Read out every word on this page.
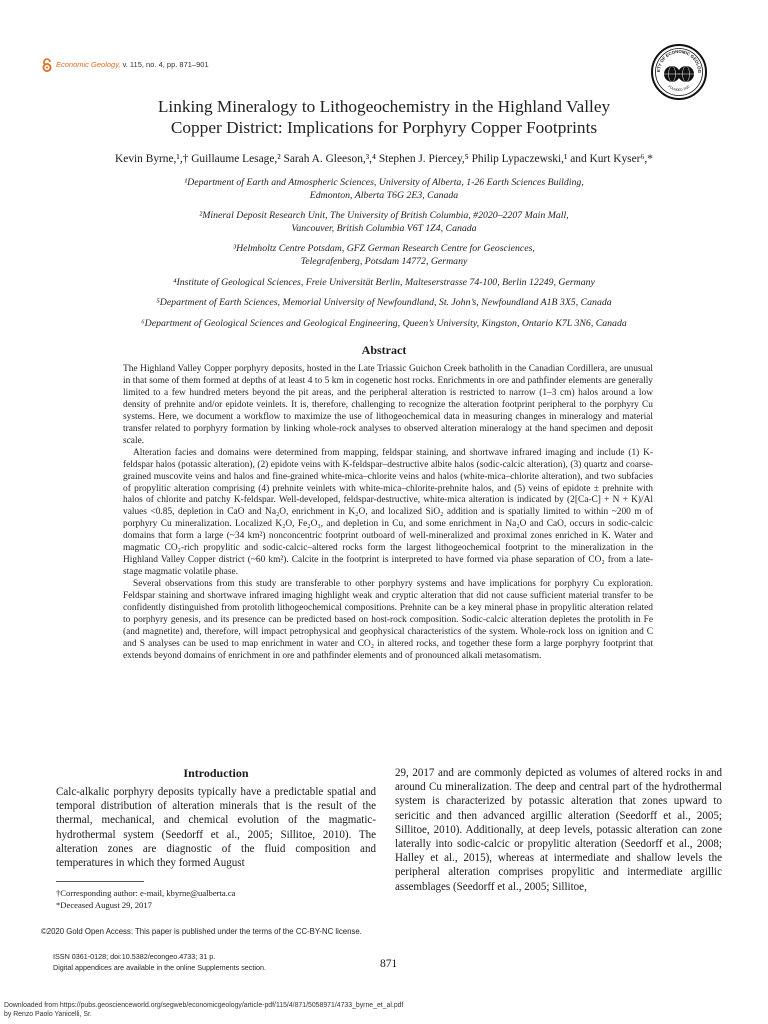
Economic Geology, v. 115, no. 4, pp. 871–901
ETY OF ECONOMIC GEOLOG
FOUNDED 1920
Linking Mineralogy to Lithogeochemistry in the Highland Valley
Copper District: Implications for Porphyry Copper Footprints
Kevin Byrne,¹,† Guillaume Lesage,² Sarah A. Gleeson,³,⁴ Stephen J. Piercey,⁵ Philip Lypaczewski,¹ and Kurt Kyser⁶,*
¹Department of Earth and Atmospheric Sciences, University of Alberta, 1-26 Earth Sciences Building,
Edmonton, Alberta T6G 2E3, Canada
²Mineral Deposit Research Unit, The University of British Columbia, #2020–2207 Main Mall,
Vancouver, British Columbia V6T 1Z4, Canada
³Helmholtz Centre Potsdam, GFZ German Research Centre for Geosciences,
Telegrafenberg, Potsdam 14772, Germany
⁴Institute of Geological Sciences, Freie Universität Berlin, Malteserstrasse 74-100, Berlin 12249, Germany
⁵Department of Earth Sciences, Memorial University of Newfoundland, St. John’s, Newfoundland A1B 3X5, Canada
⁶Department of Geological Sciences and Geological Engineering, Queen’s University, Kingston, Ontario K7L 3N6, Canada
Abstract

The Highland Valley Copper porphyry deposits, hosted in the Late Triassic Guichon Creek batholith in the Canadian Cordillera, are unusual in that some of them formed at depths of at least 4 to 5 km in cogenetic host rocks. Enrichments in ore and pathfinder elements are generally limited to a few hundred meters beyond the pit areas, and the peripheral alteration is restricted to narrow (1–3 cm) halos around a low density of prehnite and/or epidote veinlets. It is, therefore, challenging to recognize the alteration footprint peripheral to the porphyry Cu systems. Here, we document a workflow to maximize the use of lithogeochemical data in measuring changes in mineralogy and material transfer related to porphyry formation by linking whole-rock analyses to observed alteration mineralogy at the hand specimen and deposit scale.

Alteration facies and domains were determined from mapping, feldspar staining, and shortwave infrared imaging and include (1) K-feldspar halos (potassic alteration), (2) epidote veins with K-feldspar–destructive albite halos (sodic-calcic alteration), (3) quartz and coarse-grained muscovite veins and halos and fine-grained white-mica–chlorite veins and halos (white-mica–chlorite alteration), and two subfacies of propylitic alteration comprising (4) prehnite veinlets with white-mica–chlorite-prehnite halos, and (5) veins of epidote ± prehnite with halos of chlorite and patchy K-feldspar. Well-developed, feldspar-destructive, white-mica alteration is indicated by (2[Ca-C] + N + K)/Al values <0.85, depletion in CaO and Na₂O, enrichment in K₂O, and localized SiO₂ addition and is spatially limited to within ~200 m of porphyry Cu mineralization. Localized K₂O, Fe₂O₃, and depletion in Cu, and some enrichment in Na₂O and CaO, occurs in sodic-calcic domains that form a large (~34 km²) nonconcentric footprint outboard of well-mineralized and proximal zones enriched in K. Water and magmatic CO₂-rich propylitic and sodic-calcic–altered rocks form the largest lithogeochemical footprint to the mineralization in the Highland Valley Copper district (~60 km²). Calcite in the footprint is interpreted to have formed via phase separation of CO₂ from a late-stage magmatic volatile phase.

Several observations from this study are transferable to other porphyry systems and have implications for porphyry Cu exploration. Feldspar staining and shortwave infrared imaging highlight weak and cryptic alteration that did not cause sufficient material transfer to be confidently distinguished from protolith lithogeochemical compositions. Prehnite can be a key mineral phase in propylitic alteration related to porphyry genesis, and its presence can be predicted based on host-rock composition. Sodic-calcic alteration depletes the protolith in Fe (and magnetite) and, therefore, will impact petrophysical and geophysical characteristics of the system. Whole-rock loss on ignition and C and S analyses can be used to map enrichment in water and CO₂ in altered rocks, and together these form a large porphyry footprint that extends beyond domains of enrichment in ore and pathfinder elements and of pronounced alkali metasomatism.

Introduction

Calc-alkalic porphyry deposits typically have a predictable spatial and temporal distribution of alteration minerals that is the result of the thermal, mechanical, and chemical evolution of the magmatic-hydrothermal system (Seedorff et al., 2005; Sillitoe, 2010). The alteration zones are diagnostic of the fluid composition and temperatures in which they formed August

29, 2017 and are commonly depicted as volumes of altered rocks in and around Cu mineralization. The deep and central part of the hydrothermal system is characterized by potassic alteration that zones upward to sericitic and then advanced argillic alteration (Seedorff et al., 2005; Sillitoe, 2010). Additionally, at deep levels, potassic alteration can zone laterally into sodic-calcic or propylitic alteration (Seedorff et al., 2008; Halley et al., 2015), whereas at intermediate and shallow levels the peripheral alteration comprises propylitic and intermediate argillic assemblages (Seedorff et al., 2005; Sillitoe,

†Corresponding author: e-mail, kbyrne@ualberta.ca
*Deceased August 29, 2017
©2020 Gold Open Access: This paper is published under the terms of the CC-BY-NC license.
ISSN 0361-0128; doi:10.5382/econgeo.4733; 31 p.
Digital appendices are available in the online Supplements section.	871
Downloaded from https://pubs.geoscienceworld.org/segweb/economicgeology/article-pdf/115/4/871/5058971/4733_byrne_et_al.pdf
by Renzo Paolo Yanicelli, Sr.
